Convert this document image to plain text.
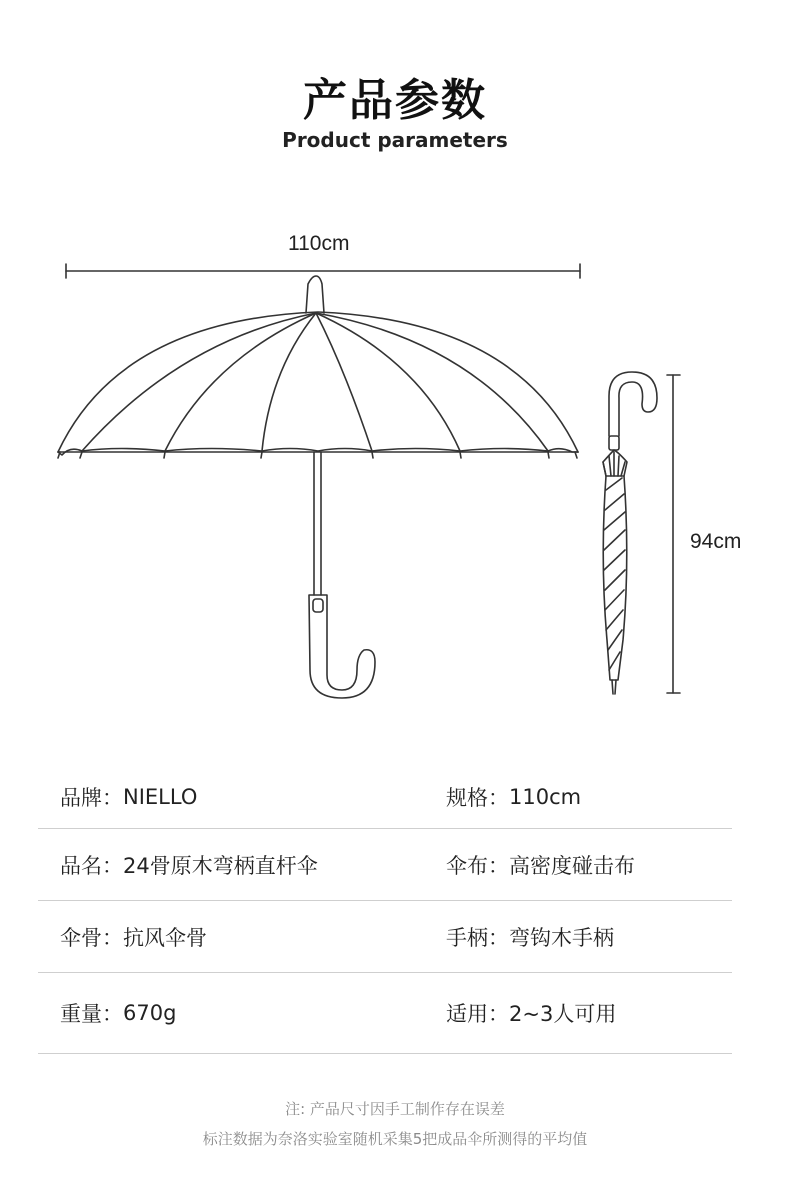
产品参数
Product parameters
110cm
94cm
品牌： NIELLO	规格： 110cm
品名： 24骨原木弯柄直杆伞	伞布： 高密度碰击布
伞骨： 抗风伞骨	手柄： 弯钩木手柄
重量： 670g	适用： 2~3人可用
注: 产品尺寸因手工制作存在误差
标注数据为奈洛实验室随机采集5把成品伞所测得的平均值
